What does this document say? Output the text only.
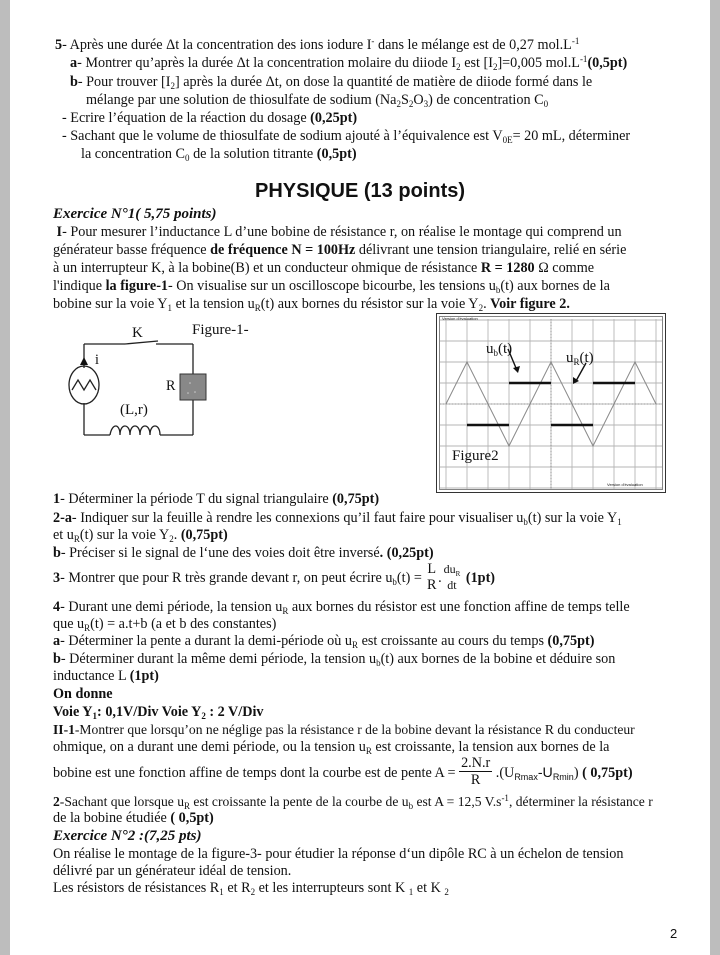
5- Après une durée Δt la concentration des ions iodure I- dans le mélange est de 0,27 $mol.L^{-1}$
a- Montrer qu’après la durée Δt la concentration molaire du diiode $I_2$ est $[I_2]=0,005$ $mol.L^{-1}(0,5pt)$
b- Pour trouver $[I_2]$ après la durée Δt, on dose la quantité de matière de diiode formé dans le
mélange par une solution de thiosulfate de sodium $(Na_2S_2O_3)$ de concentration $C_0$
- Ecrire l’équation de la réaction du dosage (0,25pt)
- Sachant que le volume de thiosulfate de sodium ajouté à l’équivalence est $V_{0E}= 20$ mL, déterminer
la concentration $C_0$ de la solution titrante (0,5pt)
PHYSIQUE (13 points)
Exercice N°1( 5,75 points)
I- Pour mesurer l’inductance L d’une bobine de résistance r, on réalise le montage qui comprend un
générateur basse fréquence de fréquence N = 100Hz délivrant une tension triangulaire, relié en série
à un interrupteur K, à la bobine(B) et un conducteur ohmique de résistance R = 1280 Ω comme
l'indique la figure-1- On visualise sur un oscilloscope bicourbe, les tensions $u_b(t)$ aux bornes de la
bobine sur la voie $Y_1$ et la tension $u_R(t)$ aux bornes du résistor sur la voie $Y_2$. Voir figure 2.
K	Figure-1-
i
R
(L,r)
Version d'évaluation
Version d'évaluation
$u_b(t)$
$u_R(t)$
Figure2
1- Déterminer la période T du signal triangulaire (0,75pt)
2-a- Indiquer sur la feuille à rendre les connexions qu’il faut faire pour visualiser $u_b(t)$ sur la voie $Y_1$
et $u_R(t)$ sur la voie $Y_2$. (0,75pt)
b- Préciser si le signal de l‘une des voies doit être inversé. (0,25pt)
3- Montrer que pour R très grande devant r, on peut écrire $u_b(t)$ =
L
R .
$du_R$
dt (1pt)
4- Durant une demi période, la tension $u_R$ aux bornes du résistor est une fonction affine de temps telle
que $u_R(t) = a.t+b$ (a et b des constantes)
a- Déterminer la pente a durant la demi-période où $u_R$ est croissante au cours du temps (0,75pt)
b- Déterminer durant la même demi période, la tension $u_b(t)$ aux bornes de la bobine et déduire son
inductance L (1pt)
On donne
Voie $Y_1$: 0,1V/Div Voie $Y_2$ : 2 V/Div
II-1-Montrer que lorsqu’on ne néglige pas la résistance r de la bobine devant la résistance R du conducteur
ohmique, on a durant une demi période, ou la tension $u_R$ est croissante, la tension aux bornes de la
bobine est une fonction affine de temps dont la courbe est de pente $A = \frac{2.N.r}{R} .(U_{Rmax}-U_{Rmin})$ ( 0,75pt)
2-Sachant que lorsque $u_R$ est croissante la pente de la courbe de $u_b$ est A = 12,5 $V.s^{-1}$, déterminer la résistance r
de la bobine étudiée ( 0,5pt)
Exercice N°2 :(7,25 pts)
On réalise le montage de la figure-3- pour étudier la réponse d‘un dipôle RC à un échelon de tension
délivré par un générateur idéal de tension.
Les résistors de résistances $R_1$ et $R_2$ et les interrupteurs sont K $_1$ et K $_2$
2
